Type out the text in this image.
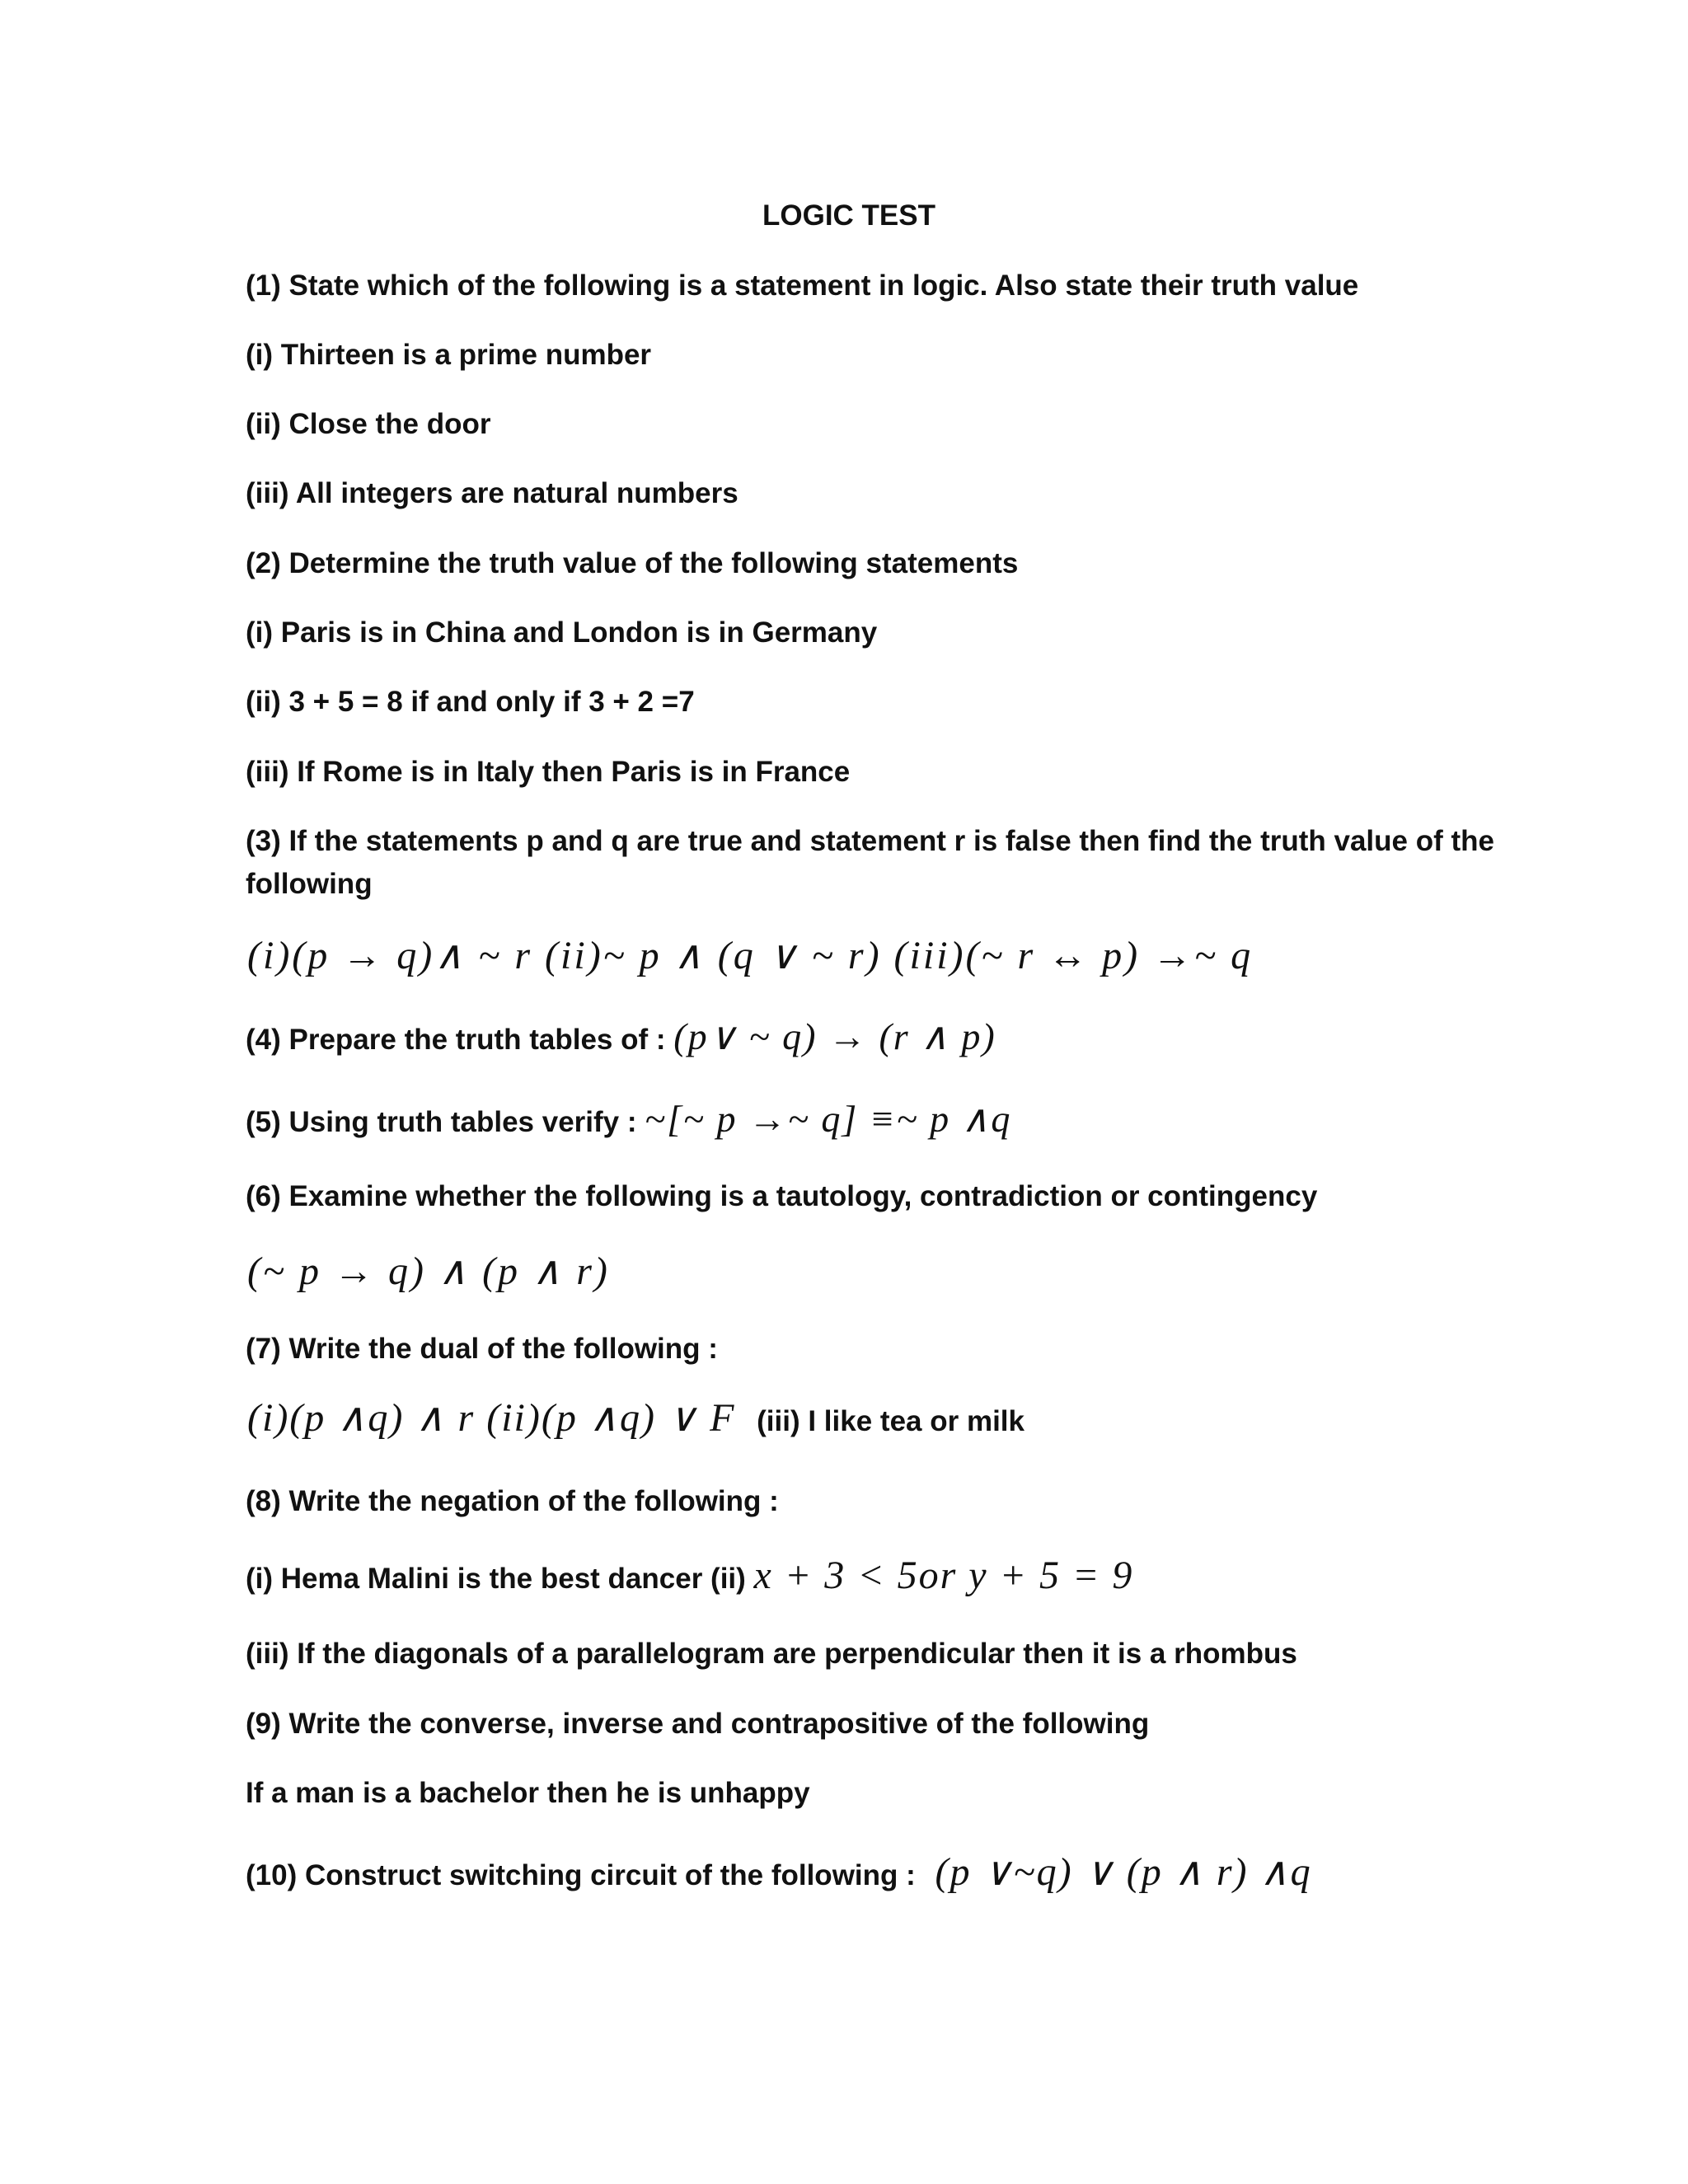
LOGIC TEST
(1) State which of the following is a statement in logic. Also state their truth value
(i) Thirteen is a prime number
(ii) Close the door
(iii) All integers are natural numbers
(2) Determine the truth value of the following statements
(i) Paris is in China and London is in Germany
(ii) 3 + 5 = 8 if and only if 3 + 2 =7
(iii) If Rome is in Italy then Paris is in France
(3) If the statements p and q are true and statement r is false then find the truth value of the
following
(i)(p → q)∧ ~ r (ii)~ p ∧ (q ∨ ~ r) (iii)(~ r ↔ p) →~ q
(4) Prepare the truth tables of : (p∨ ~ q) → (r ∧ p)
(5) Using truth tables verify : ~[~ p →~ q] ≡~ p ∧q
(6) Examine whether the following is a tautology, contradiction or contingency
(~ p → q) ∧ (p ∧ r)
(7) Write the dual of the following :
(i)(p ∧q) ∧ r (ii)(p ∧q) ∨ F (iii) I like tea or milk
(8) Write the negation of the following :
(i) Hema Malini is the best dancer (ii) x + 3 < 5or y + 5 = 9
(iii) If the diagonals of a parallelogram are perpendicular then it is a rhombus
(9) Write the converse, inverse and contrapositive of the following
If a man is a bachelor then he is unhappy
(10) Construct switching circuit of the following : (p ∨~q) ∨ (p ∧ r) ∧q
